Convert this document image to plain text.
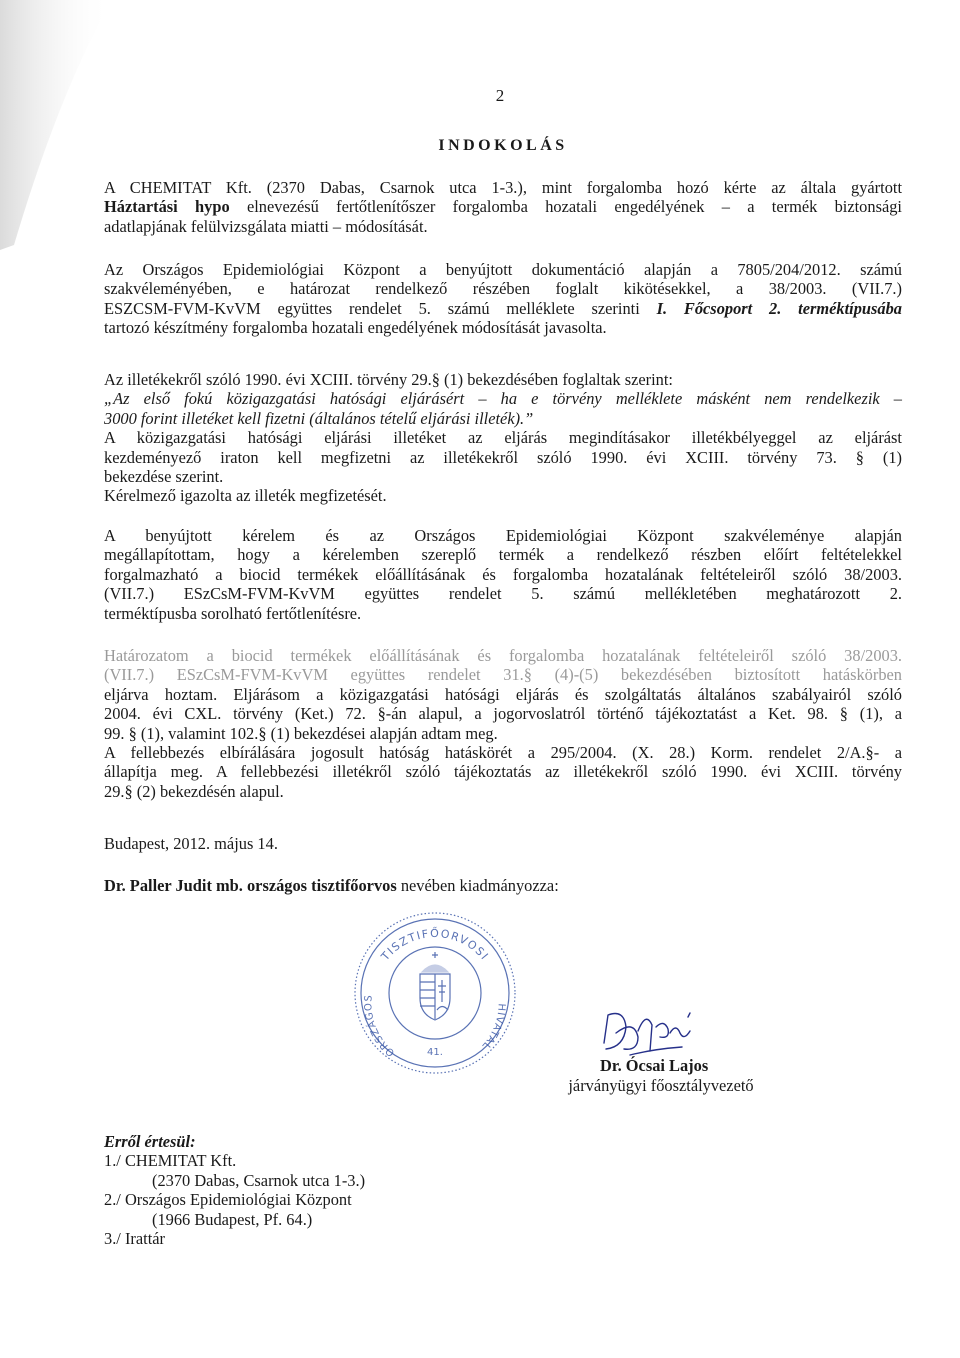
2
INDOKOLÁS
A CHEMITAT Kft. (2370 Dabas, Csarnok utca 1-3.), mint forgalomba hozó kérte az általa gyártott
Háztartási hypo elnevezésű fertőtlenítőszer forgalomba hozatali engedélyének – a termék biztonsági
adatlapjának felülvizsgálata miatti – módosítását.
Az Országos Epidemiológiai Központ a benyújtott dokumentáció alapján a 7805/204/2012. számú
szakvéleményében, e határozat rendelkező részében foglalt kikötésekkel, a 38/2003. (VII.7.)
ESZCSM-FVM-KvVM együttes rendelet 5. számú melléklete szerinti I. Főcsoport 2. terméktípusába
tartozó készítmény forgalomba hozatali engedélyének módosítását javasolta.
Az illetékekről szóló 1990. évi XCIII. törvény 29.§ (1) bekezdésében foglaltak szerint:
„Az első fokú közigazgatási hatósági eljárásért – ha e törvény melléklete másként nem rendelkezik –
3000 forint illetéket kell fizetni (általános tételű eljárási illeték).”
A közigazgatási hatósági eljárási illetéket az eljárás megindításakor illetékbélyeggel az eljárást
kezdeményező iraton kell megfizetni az illetékekről szóló 1990. évi XCIII. törvény 73. § (1)
bekezdése szerint.
Kérelmező igazolta az illeték megfizetését.
A benyújtott kérelem és az Országos Epidemiológiai Központ szakvéleménye alapján
megállapítottam, hogy a kérelemben szereplő termék a rendelkező részben előírt feltételekkel
forgalmazható a biocid termékek előállításának és forgalomba hozatalának feltételeiről szóló 38/2003.
(VII.7.) ESzCsM-FVM-KvVM együttes rendelet 5. számú mellékletében meghatározott 2.
terméktípusba sorolható fertőtlenítésre.
Határozatom a biocid termékek előállításának és forgalomba hozatalának feltételeiről szóló 38/2003.
(VII.7.) ESzCsM-FVM-KvVM együttes rendelet 31.§ (4)-(5) bekezdésében biztosított hatáskörben
eljárva hoztam. Eljárásom a közigazgatási hatósági eljárás és szolgáltatás általános szabályairól szóló
2004. évi CXL. törvény (Ket.) 72. §-án alapul, a jogorvoslatról történő tájékoztatást a Ket. 98. § (1), a
99. § (1), valamint 102.§ (1) bekezdései alapján adtam meg.
A fellebbezés elbírálására jogosult hatóság hatáskörét a 295/2004. (X. 28.) Korm. rendelet 2/A.§- a
állapítja meg. A fellebbezési illetékről szóló tájékoztatás az illetékekről szóló 1990. évi XCIII. törvény
29.§ (2) bekezdésén alapul.
Budapest, 2012. május 14.
Dr. Paller Judit mb. országos tisztifőorvos nevében kiadmányozza:
TISZTIFŐORVOSI
ORSZÁGOS
HIVATAL
41.
Dr. Ócsai Lajos
járványügyi főosztályvezető
Erről értesül:
1./ CHEMITAT Kft.
(2370 Dabas, Csarnok utca 1-3.)
2./ Országos Epidemiológiai Központ
(1966 Budapest, Pf. 64.)
3./ Irattár
